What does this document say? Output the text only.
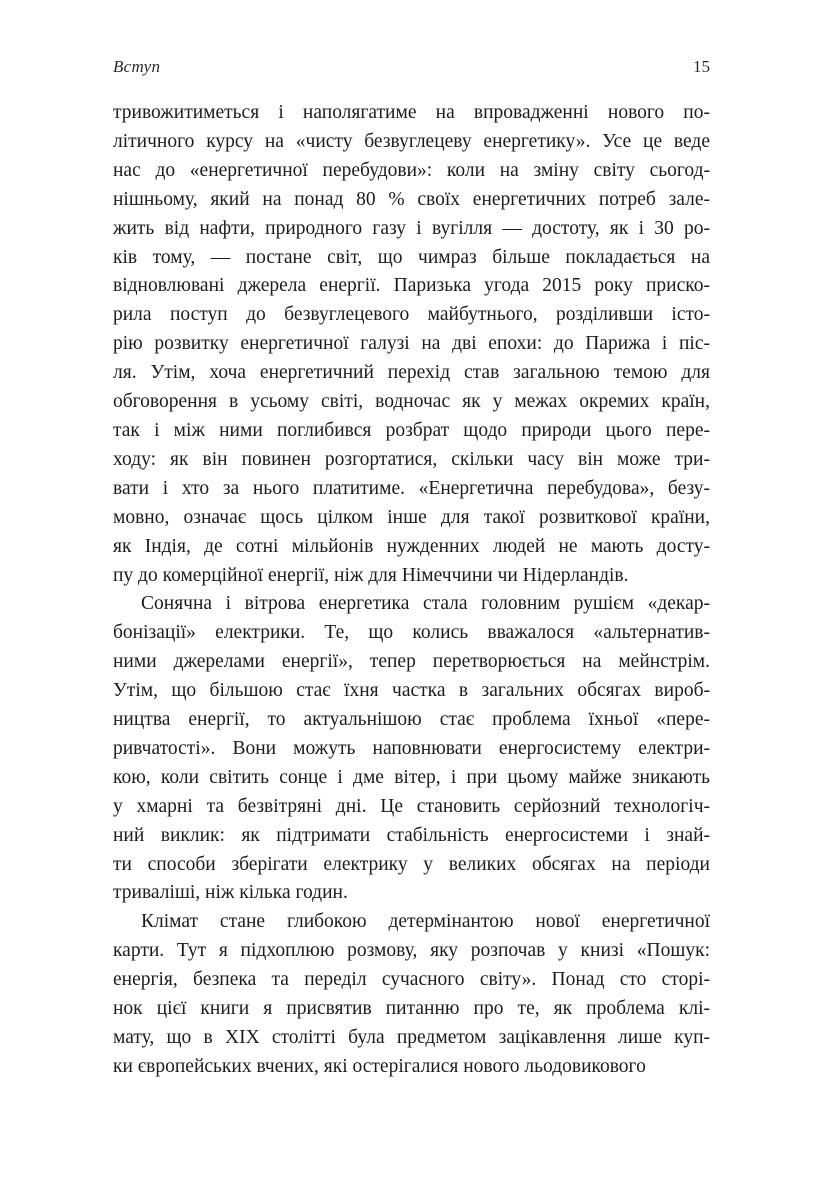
Вступ	15
тривожитиметься і наполягатиме на впровадженні нового по-
літичного курсу на «чисту безвуглецеву енергетику». Усе це веде
нас до «енергетичної перебудови»: коли на зміну світу сьогод-
нішньому, який на понад 80 % своїх енергетичних потреб зале-
жить від нафти, природного газу і вугілля — достоту, як і 30 ро-
ків тому, — постане світ, що чимраз більше покладається на
відновлювані джерела енергії. Паризька угода 2015 року приско-
рила поступ до безвуглецевого майбутнього, розділивши істо-
рію розвитку енергетичної галузі на дві епохи: до Парижа і піс-
ля. Утім, хоча енергетичний перехід став загальною темою для
обговорення в усьому світі, водночас як у межах окремих країн,
так і між ними поглибився розбрат щодо природи цього пере-
ходу: як він повинен розгортатися, скільки часу він може три-
вати і хто за нього платитиме. «Енергетична перебудова», безу-
мовно, означає щось цілком інше для такої розвиткової країни,
як Індія, де сотні мільйонів нужденних людей не мають досту-
пу до комерційної енергії, ніж для Німеччини чи Нідерландів.
Сонячна і вітрова енергетика стала головним рушієм «декар-
бонізації» електрики. Те, що колись вважалося «альтернатив-
ними джерелами енергії», тепер перетворюється на мейнстрім.
Утім, що більшою стає їхня частка в загальних обсягах вироб-
ництва енергії, то актуальнішою стає проблема їхньої «пере-
ривчатості». Вони можуть наповнювати енергосистему електри-
кою, коли світить сонце і дме вітер, і при цьому майже зникають
у хмарні та безвітряні дні. Це становить серйозний технологіч-
ний виклик: як підтримати стабільність енергосистеми і знай-
ти способи зберігати електрику у великих обсягах на періоди
триваліші, ніж кілька годин.
Клімат стане глибокою детермінантою нової енергетичної
карти. Тут я підхоплюю розмову, яку розпочав у книзі «Пошук:
енергія, безпека та переділ сучасного світу». Понад сто сторі-
нок цієї книги я присвятив питанню про те, як проблема клі-
мату, що в ХІХ столітті була предметом зацікавлення лише куп-
ки європейських вчених, які остерігалися нового льодовикового
